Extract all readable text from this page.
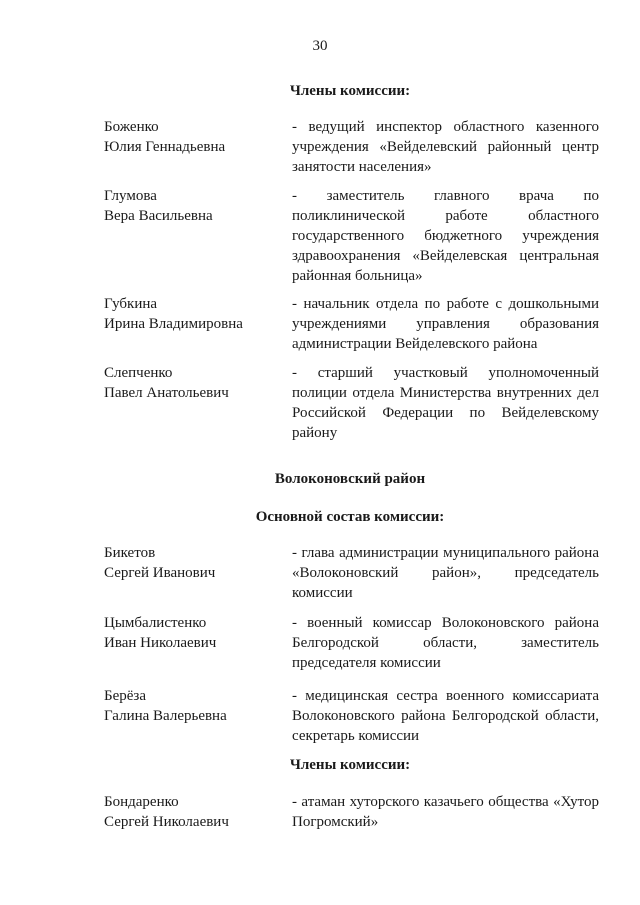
30
Члены комиссии:
Боженко
Юлия Геннадьевна
- ведущий инспектор областного казенного учреждения «Вейделевский районный центр занятости населения»
Глумова
Вера Васильевна
- заместитель главного врача по поликлинической работе областного государственного бюджетного учреждения здравоохранения «Вейделевская центральная районная больница»
Губкина
Ирина Владимировна
- начальник отдела по работе с дошкольными учреждениями управления образования администрации Вейделевского района
Слепченко
Павел Анатольевич
- старший участковый уполномоченный полиции отдела Министерства внутренних дел Российской Федерации по Вейделевскому району
Волоконовский район
Основной состав комиссии:
Бикетов
Сергей Иванович
- глава администрации муниципального района «Волоконовский район», председатель комиссии
Цымбалистенко
Иван Николаевич
- военный комиссар Волоконовского района Белгородской области, заместитель председателя комиссии
Берёза
Галина Валерьевна
- медицинская сестра военного комиссариата Волоконовского района Белгородской области, секретарь комиссии
Члены комиссии:
Бондаренко
Сергей Николаевич
- атаман хуторского казачьего общества «Хутор Погромский»
